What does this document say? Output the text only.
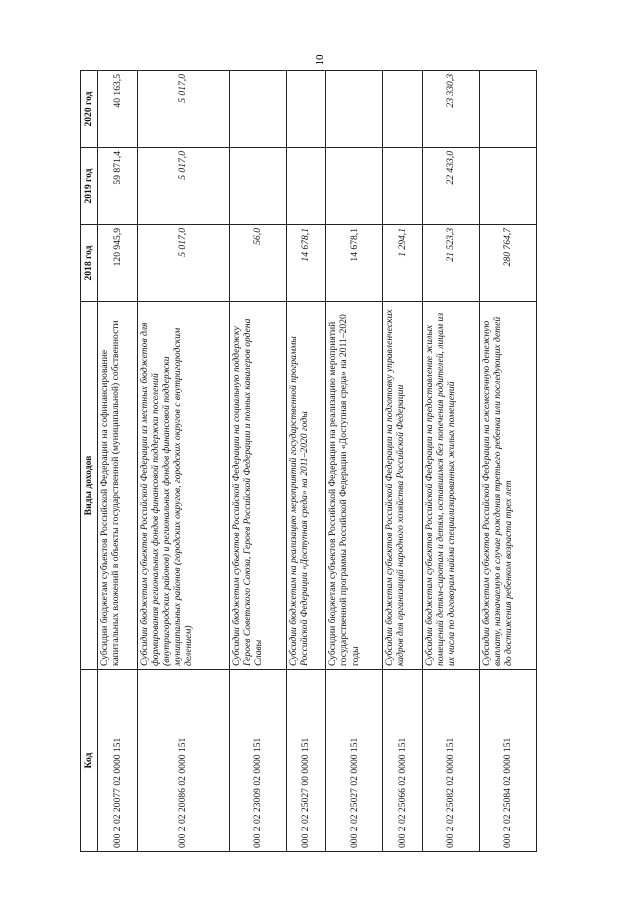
10
Код	Виды доходов	2018 год	2019 год	2020 год
000 2 02 20077 02 0000 151	Субсидии бюджетам субъектов Российской Федерации на софинансирование капитальных вложений в объекты государственной (муниципальной) собственности	120 945,9	59 871,4	40 163,5
000 2 02 20086 02 0000 151	Субсидии бюджетам субъектов Российской Федерации из местных бюджетов для формирования региональных фондов финансовой поддержки поселений (внутригородских районов) и региональных фондов финансовой поддержки муниципальных районов (городских округов, городских округов с внутригородским делением)	5 017,0	5 017,0	5 017,0
000 2 02 23009 02 0000 151	Субсидии бюджетам субъектов Российской Федерации на социальную поддержку Героев Советского Союза, Героев Российской Федерации и полных кавалеров ордена Славы	56,0		
000 2 02 25027 00 0000 151	Субсидии бюджетам на реализацию мероприятий государственной программы Российской Федерации «Доступная среда» на 2011–2020 годы	14 678,1		
000 2 02 25027 02 0000 151	Субсидии бюджетам субъектов Российской Федерации на реализацию мероприятий государственной программы Российской Федерации «Доступная среда» на 2011–2020 годы	14 678,1		
000 2 02 25066 02 0000 151	Субсидии бюджетам субъектов Российской Федерации на подготовку управленческих кадров для организаций народного хозяйства Российской Федерации	1 294,1		
000 2 02 25082 02 0000 151	Субсидии бюджетам субъектов Российской Федерации на предоставление жилых помещений детям-сиротам и детям, оставшимся без попечения родителей, лицам из их числа по договорам найма специализированных жилых помещений	21 523,3	22 433,0	23 330,3
000 2 02 25084 02 0000 151	Субсидии бюджетам субъектов Российской Федерации на ежемесячную денежную выплату, назначаемую в случае рождения третьего ребенка или последующих детей до достижения ребенком возраста трех лет	280 764,7		
